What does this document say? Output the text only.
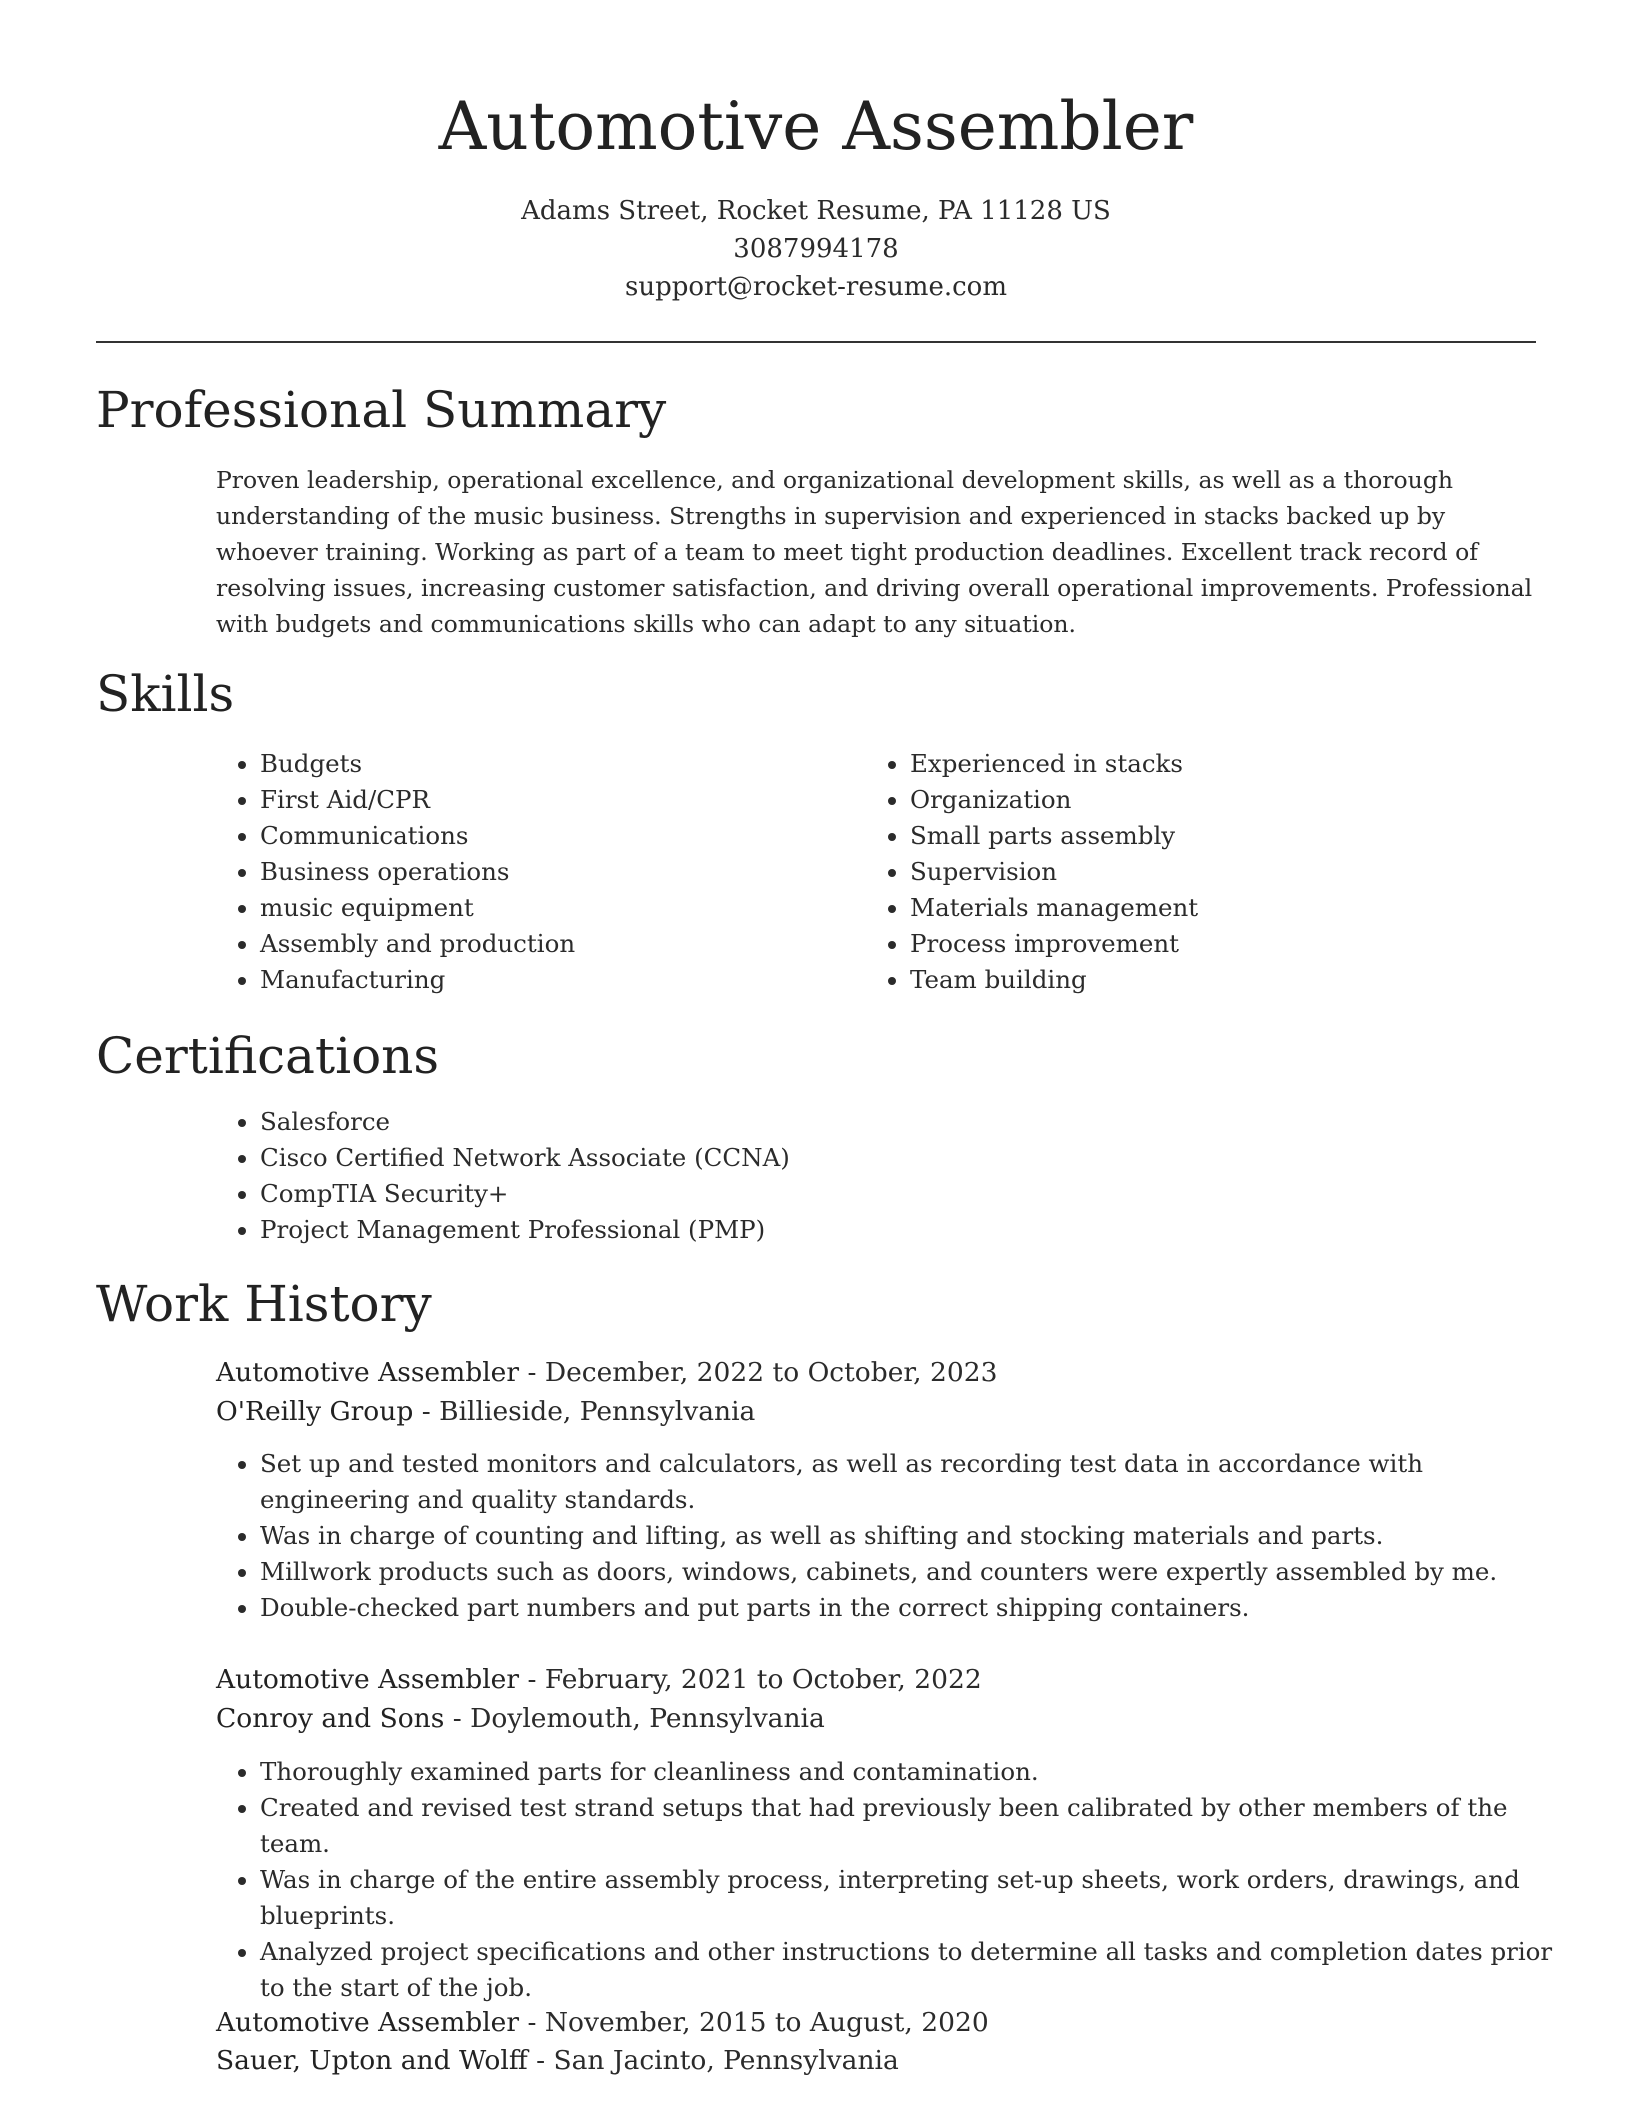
Automotive Assembler
Adams Street, Rocket Resume, PA 11128 US
3087994178
support@rocket-resume.com
Professional Summary

Proven leadership, operational excellence, and organizational development skills, as well as a thorough understanding of the music business. Strengths in supervision and experienced in stacks backed up by whoever training. Working as part of a team to meet tight production deadlines. Excellent track record of resolving issues, increasing customer satisfaction, and driving overall operational improvements. Professional with budgets and communications skills who can adapt to any situation.

Skills
• Budgets
• First Aid/CPR
• Communications
• Business operations
• music equipment
• Assembly and production
• Manufacturing
• Experienced in stacks
• Organization
• Small parts assembly
• Supervision
• Materials management
• Process improvement
• Team building
Certifications
• Salesforce
• Cisco Certified Network Associate (CCNA)
• CompTIA Security+
• Project Management Professional (PMP)
Work History
Automotive Assembler - December, 2022 to October, 2023
O'Reilly Group - Billieside, Pennsylvania
• Set up and tested monitors and calculators, as well as recording test data in accordance with engineering and quality standards.
• Was in charge of counting and lifting, as well as shifting and stocking materials and parts.
• Millwork products such as doors, windows, cabinets, and counters were expertly assembled by me.
• Double-checked part numbers and put parts in the correct shipping containers.
Automotive Assembler - February, 2021 to October, 2022
Conroy and Sons - Doylemouth, Pennsylvania
• Thoroughly examined parts for cleanliness and contamination.
• Created and revised test strand setups that had previously been calibrated by other members of the team.
• Was in charge of the entire assembly process, interpreting set-up sheets, work orders, drawings, and blueprints.
• Analyzed project specifications and other instructions to determine all tasks and completion dates prior to the start of the job.
Automotive Assembler - November, 2015 to August, 2020
Sauer, Upton and Wolff - San Jacinto, Pennsylvania
